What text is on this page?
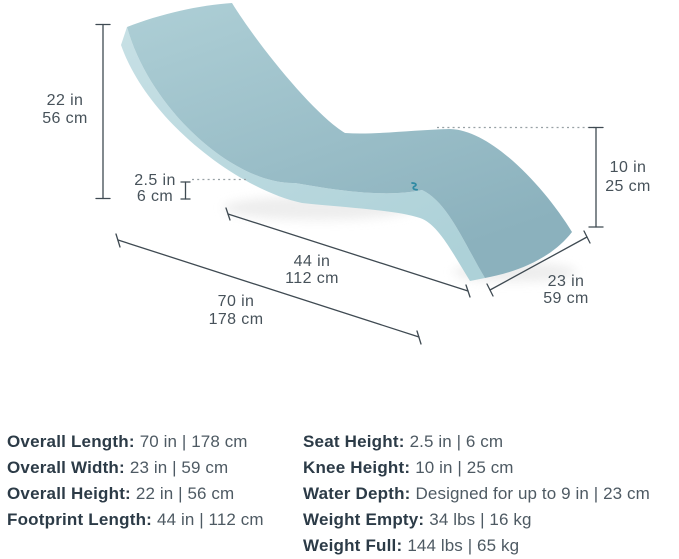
22 in
56 cm
2.5 in
6 cm
10 in
25 cm
44 in
112 cm
70 in
178 cm
23 in
59 cm
Overall Length: 70 in | 178 cm
Overall Width: 23 in | 59 cm
Overall Height: 22 in | 56 cm
Footprint Length: 44 in | 112 cm
Seat Height: 2.5 in | 6 cm
Knee Height: 10 in | 25 cm
Water Depth: Designed for up to 9 in | 23 cm
Weight Empty: 34 lbs | 16 kg
Weight Full: 144 lbs | 65 kg
